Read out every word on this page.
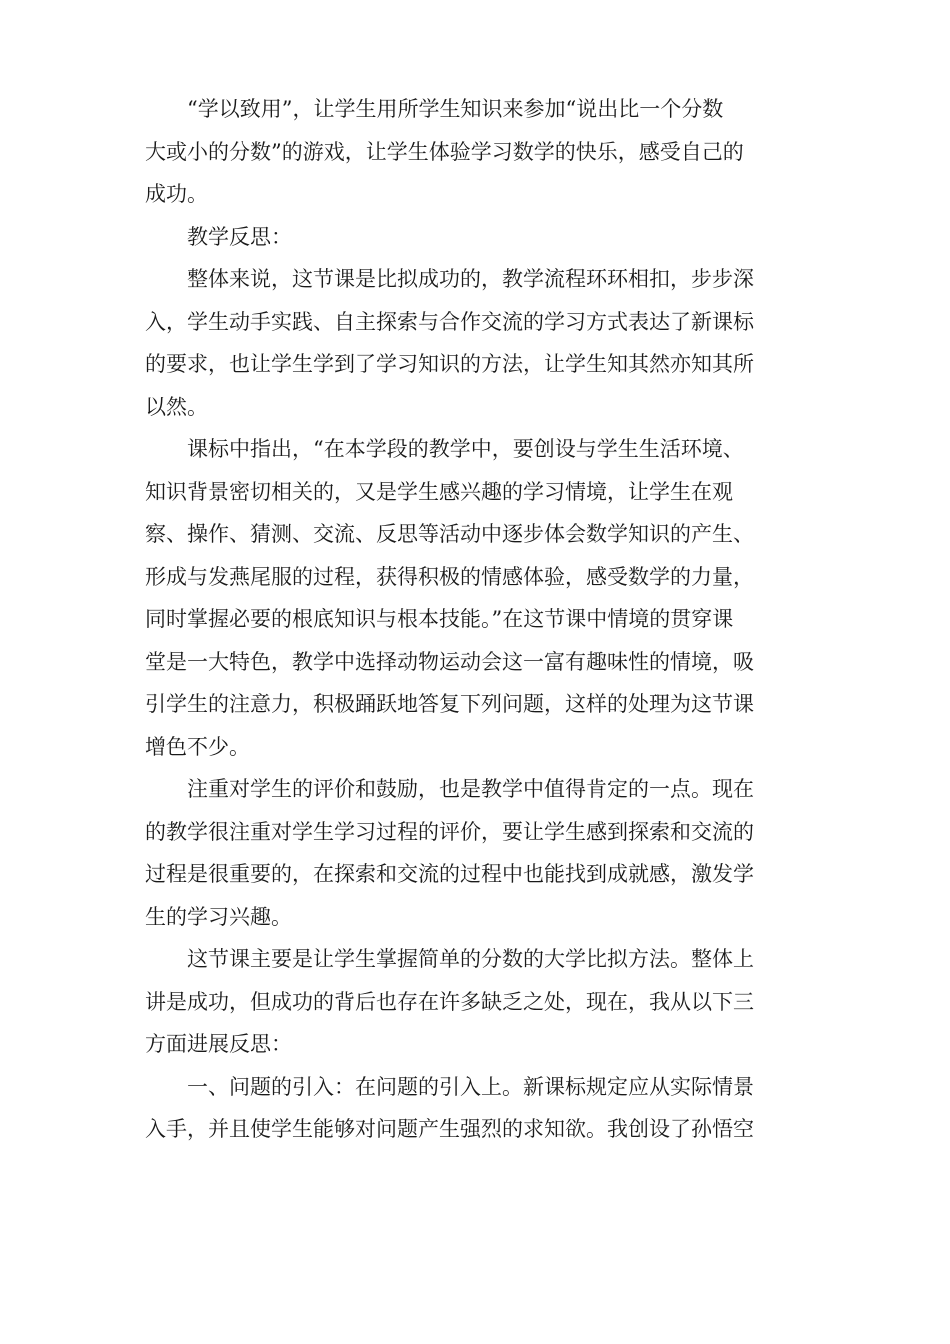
“学以致用”，让学生用所学生知识来参加“说出比一个分数
大或小的分数”的游戏，让学生体验学习数学的快乐，感受自己的
成功。

教学反思：

整体来说，这节课是比拟成功的，教学流程环环相扣，步步深
入，学生动手实践、自主探索与合作交流的学习方式表达了新课标
的要求，也让学生学到了学习知识的方法，让学生知其然亦知其所
以然。

课标中指出，“在本学段的教学中，要创设与学生生活环境、
知识背景密切相关的，又是学生感兴趣的学习情境，让学生在观
察、操作、猜测、交流、反思等活动中逐步体会数学知识的产生、
形成与发燕尾服的过程，获得积极的情感体验，感受数学的力量，
同时掌握必要的根底知识与根本技能。”在这节课中情境的贯穿课
堂是一大特色，教学中选择动物运动会这一富有趣味性的情境，吸
引学生的注意力，积极踊跃地答复下列问题，这样的处理为这节课
增色不少。

注重对学生的评价和鼓励，也是教学中值得肯定的一点。现在
的教学很注重对学生学习过程的评价，要让学生感到探索和交流的
过程是很重要的，在探索和交流的过程中也能找到成就感，激发学
生的学习兴趣。

这节课主要是让学生掌握简单的分数的大学比拟方法。整体上
讲是成功，但成功的背后也存在许多缺乏之处，现在，我从以下三
方面进展反思：

一、问题的引入：在问题的引入上。新课标规定应从实际情景
入手，并且使学生能够对问题产生强烈的求知欲。我创设了孙悟空
